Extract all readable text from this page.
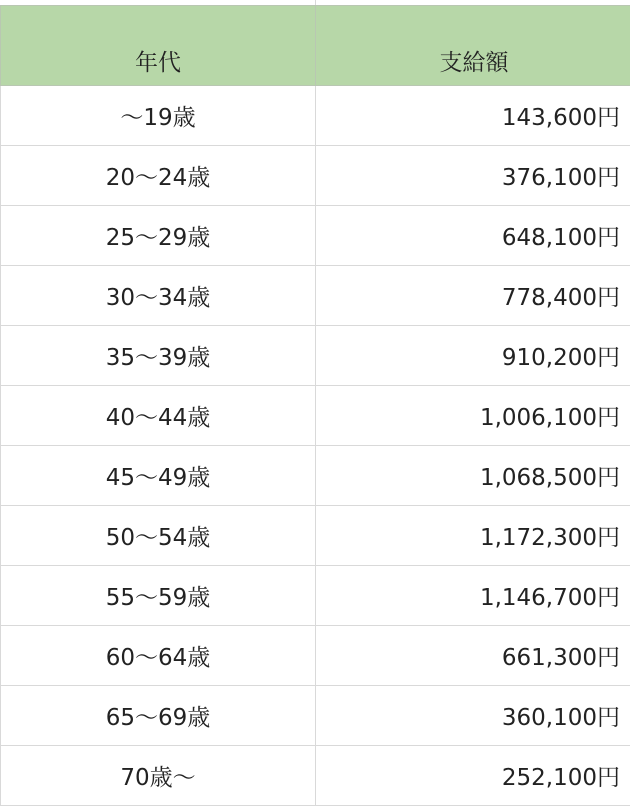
年代	支給額
～19歳	143,600円
20～24歳	376,100円
25～29歳	648,100円
30～34歳	778,400円
35～39歳	910,200円
40～44歳	1,006,100円
45～49歳	1,068,500円
50～54歳	1,172,300円
55～59歳	1,146,700円
60～64歳	661,300円
65～69歳	360,100円
70歳～	252,100円
